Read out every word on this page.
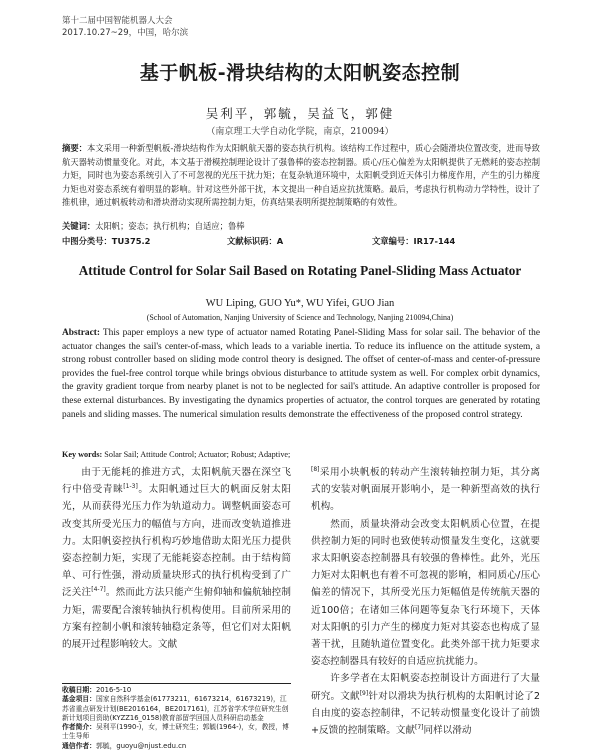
第十二届中国智能机器人大会
2017.10.27~29，中国，哈尔滨
基于帆板-滑块结构的太阳帆姿态控制
吴利平，郭毓，吴益飞，郭健
（南京理工大学自动化学院，南京，210094）
摘要：本文采用一种新型帆板-滑块结构作为太阳帆航天器的姿态执行机构。该结构工作过程中，质心会随滑块位置改变，进而导致航天器转动惯量变化。对此，本文基于滑模控制理论设计了强鲁棒的姿态控制器。质心/压心偏差为太阳帆提供了无燃耗的姿态控制力矩，同时也为姿态系统引入了不可忽视的光压干扰力矩；在复杂轨道环境中，太阳帆受到近天体引力梯度作用，产生的引力梯度力矩也对姿态系统有着明显的影响。针对这些外部干扰，本文提出一种自适应抗扰策略。最后，考虑执行机构动力学特性，设计了推机律，通过帆板转动和滑块滑动实现所需控制力矩，仿真结果表明所提控制策略的有效性。
关键词：太阳帆；姿态；执行机构；自适应；鲁棒
中图分类号：TU375.2	文献标识码：A	文章编号：IR17-144
Attitude Control for Solar Sail Based on Rotating Panel-Sliding Mass Actuator
WU Liping, GUO Yu*, WU Yifei, GUO Jian
(School of Automation, Nanjing University of Science and Technology, Nanjing 210094,China)
Abstract: This paper employs a new type of actuator named Rotating Panel-Sliding Mass for solar sail. The behavior of the actuator changes the sail's center-of-mass, which leads to a variable inertia. To reduce its influence on the attitude system, a strong robust controller based on sliding mode control theory is designed. The offset of center-of-mass and center-of-pressure provides the fuel-free control torque while brings obvious disturbance to attitude system as well. For complex orbit dynamics, the gravity gradient torque from nearby planet is not to be neglected for sail's attitude. An adaptive controller is proposed for these external disturbances. By investigating the dynamics properties of actuator, the control torques are generated by rotating panels and sliding masses. The numerical simulation results demonstrate the effectiveness of the proposed control strategy.
Key words: Solar Sail; Attitude Control; Actuator; Robust; Adaptive;

由于无能耗的推进方式，太阳帆航天器在深空飞行中倍受青睐[1-3]。太阳帆通过巨大的帆面反射太阳光，从而获得光压力作为轨道动力。调整帆面姿态可改变其所受光压力的幅值与方向，进而改变轨道推进力。太阳帆姿控执行机构巧妙地借助太阳光压力提供姿态控制力矩，实现了无能耗姿态控制。由于结构简单、可行性强，滑动质量块形式的执行机构受到了广泛关注[4-7]。然而此方法只能产生俯仰轴和偏航轴控制力矩，需要配合滚转轴执行机构使用。目前所采用的方案有控制小帆和滚转轴稳定条等，但它们对太阳帆的展开过程影响较大。文献

[8]采用小块帆板的转动产生滚转轴控制力矩，其分离式的安装对帆面展开影响小，是一种新型高效的执行机构。

然而，质量块滑动会改变太阳帆质心位置，在提供控制力矩的同时也致使转动惯量发生变化，这就要求太阳帆姿态控制器具有较强的鲁棒性。此外，光压力矩对太阳帆也有着不可忽视的影响，相同质心/压心偏差的情况下，其所受光压力矩幅值是传统航天器的近100倍；在诸如三体问题等复杂飞行环境下，天体对太阳帆的引力产生的梯度力矩对其姿态也构成了显著干扰，且随轨道位置变化。此类外部干扰力矩要求姿态控制器具有较好的自适应抗扰能力。

许多学者在太阳帆姿态控制设计方面进行了大量研究。文献[9]针对以滑块为执行机构的太阳帆讨论了2自由度的姿态控制律，不记转动惯量变化设计了前馈+反馈的控制策略。文献[7]同样以滑动

收稿日期：2016-5-10
基金项目：国家自然科学基金(61773211，61673214，61673219)，江苏省重点研发计划(BE2016164，BE2017161)，江苏省学术学位研究生创新计划项目资助(KYZZ16_0158)教育部留学回国人员科研启动基金
作者简介：吴利平(1990-)，女，博士研究生；郭毓(1964-)，女，教授，博士生导师
通信作者：郭毓，guoyu@njust.edu.cn
